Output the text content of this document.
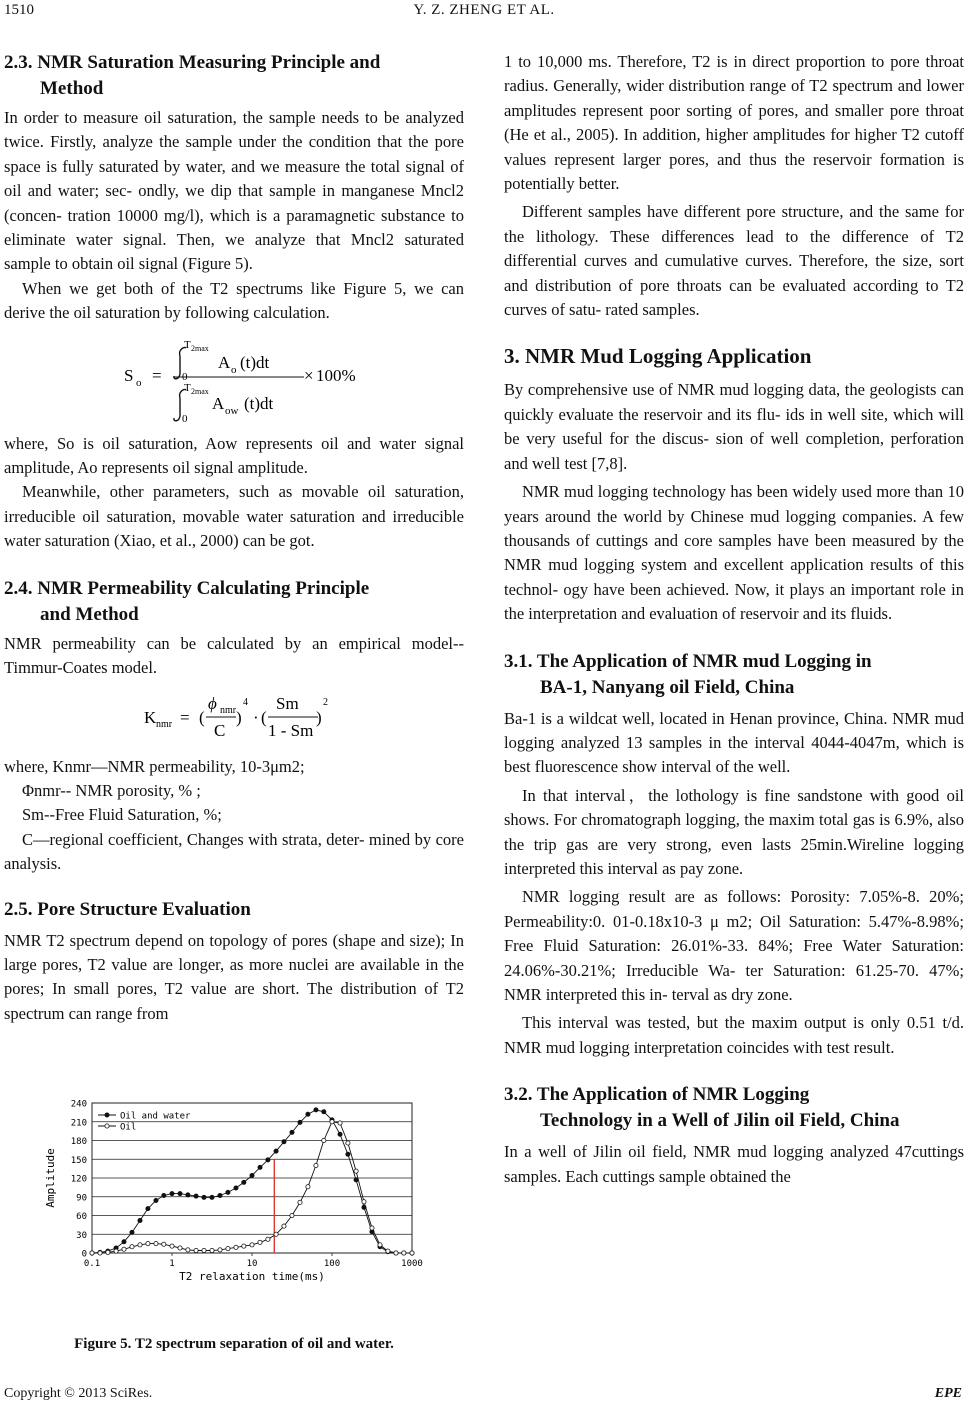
1510	Y. Z. ZHENG ET AL.
2.3. NMR Saturation Measuring Principle and
Method

In order to measure oil saturation, the sample needs to be analyzed twice. Firstly, analyze the sample under the condition that the pore space is fully saturated by water, and we measure the total signal of oil and water; sec- ondly, we dip that sample in manganese Mncl2 (concen- tration 10000 mg/l), which is a paramagnetic substance to eliminate water signal. Then, we analyze that Mncl2 saturated sample to obtain oil signal (Figure 5).

When we get both of the T2 spectrums like Figure 5, we can derive the oil saturation by following calculation.

S o =
T 2max
0
A o (t)dt
T 2max
0
A ow (t)dt
× 100%

where, So is oil saturation, Aow represents oil and water signal amplitude, Ao represents oil signal amplitude.

Meanwhile, other parameters, such as movable oil saturation, irreducible oil saturation, movable water saturation and irreducible water saturation (Xiao, et al., 2000) can be got.

2.4. NMR Permeability Calculating Principle
and Method

NMR permeability can be calculated by an empirical model--Timmur-Coates model.

K nmr = (
ϕ nmr
C
)
4
· (
Sm
1 - Sm
)
2

where, Knmr—NMR permeability, 10-3μm2;

Φnmr-- NMR porosity, % ;

Sm--Free Fluid Saturation, %;

C—regional coefficient, Changes with strata, deter- mined by core analysis.

2.5. Pore Structure Evaluation

NMR T2 spectrum depend on topology of pores (shape and size); In large pores, T2 value are longer, as more nuclei are available in the pores; In small pores, T2 value are short. The distribution of T2 spectrum can range from

0
30
60
90
120
150
180
210
240
0.1	1	10	100	1000
Oil and water
Oil
T2 relaxation time(ms)
Amplitude
Figure 5. T2 spectrum separation of oil and water.

1 to 10,000 ms. Therefore, T2 is in direct proportion to pore throat radius. Generally, wider distribution range of T2 spectrum and lower amplitudes represent poor sorting of pores, and smaller pore throat (He et al., 2005). In addition, higher amplitudes for higher T2 cutoff values represent larger pores, and thus the reservoir formation is potentially better.

Different samples have different pore structure, and the same for the lithology. These differences lead to the difference of T2 differential curves and cumulative curves. Therefore, the size, sort and distribution of pore throats can be evaluated according to T2 curves of satu- rated samples.

3. NMR Mud Logging Application

By comprehensive use of NMR mud logging data, the geologists can quickly evaluate the reservoir and its flu- ids in well site, which will be very useful for the discus- sion of well completion, perforation and well test [7,8].

NMR mud logging technology has been widely used more than 10 years around the world by Chinese mud logging companies. A few thousands of cuttings and core samples have been measured by the NMR mud logging system and excellent application results of this technol- ogy have been achieved. Now, it plays an important role in the interpretation and evaluation of reservoir and its fluids.

3.1. The Application of NMR mud Logging in
BA-1, Nanyang oil Field, China

Ba-1 is a wildcat well, located in Henan province, China. NMR mud logging analyzed 13 samples in the interval 4044-4047m, which is best fluorescence show interval of the well.

In that interval，the lothology is fine sandstone with good oil shows. For chromatograph logging, the maxim total gas is 6.9%, also the trip gas are very strong, even lasts 25min.Wireline logging interpreted this interval as pay zone.

NMR logging result are as follows: Porosity: 7.05%-8. 20%; Permeability:0. 01-0.18x10-3 μ m2; Oil Saturation: 5.47%-8.98%; Free Fluid Saturation: 26.01%-33. 84%; Free Water Saturation: 24.06%-30.21%; Irreducible Wa- ter Saturation: 61.25-70. 47%; NMR interpreted this in- terval as dry zone.

This interval was tested, but the maxim output is only 0.51 t/d. NMR mud logging interpretation coincides with test result.

3.2. The Application of NMR Logging
Technology in a Well of Jilin oil Field, China

In a well of Jilin oil field, NMR mud logging analyzed 47cuttings samples. Each cuttings sample obtained the

Copyright © 2013 SciRes.	EPE
